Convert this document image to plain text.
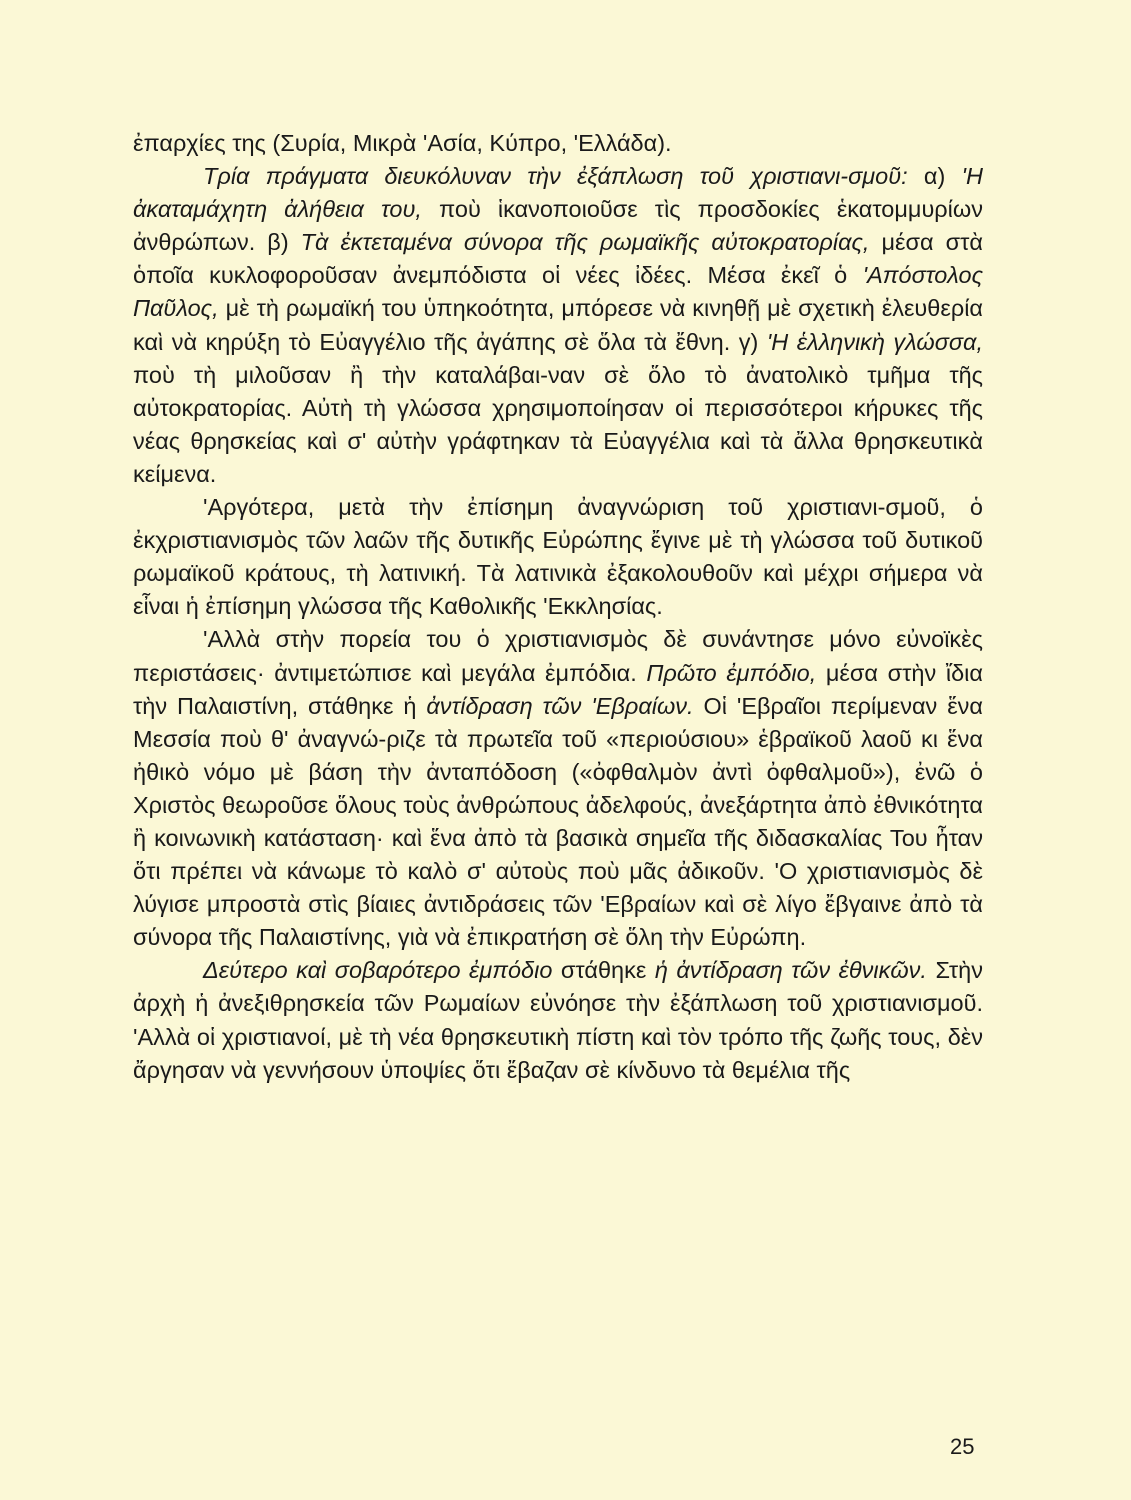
ἐπαρχίες της (Συρία, Μικρὰ 'Ασία, Κύπρο, 'Ελλάδα).

Τρία πράγματα διευκόλυναν τὴν ἐξάπλωση τοῦ χριστιανι-σμοῦ: α) 'Η ἀκαταμάχητη ἀλήθεια του, ποὺ ἱκανοποιοῦσε τὶς προσδοκίες ἑκατομμυρίων ἀνθρώπων. β) Τὰ ἐκτεταμένα σύνορα τῆς ρωμαϊκῆς αὐτοκρατορίας, μέσα στὰ ὁποῖα κυκλοφοροῦσαν ἀνεμπόδιστα οἱ νέες ἰδέες. Μέσα ἐκεῖ ὁ 'Απόστολος Παῦλος, μὲ τὴ ρωμαϊκή του ὑπηκοότητα, μπόρεσε νὰ κινηθῇ μὲ σχετικὴ ἐλευθερία καὶ νὰ κηρύξη τὸ Εὐαγγέλιο τῆς ἀγάπης σὲ ὅλα τὰ ἔθνη. γ) 'Η ἑλληνικὴ γλώσσα, ποὺ τὴ μιλοῦσαν ἢ τὴν καταλάβαι-ναν σὲ ὅλο τὸ ἀνατολικὸ τμῆμα τῆς αὐτοκρατορίας. Αὐτὴ τὴ γλώσσα χρησιμοποίησαν οἱ περισσότεροι κήρυκες τῆς νέας θρησκείας καὶ σ' αὐτὴν γράφτηκαν τὰ Εὐαγγέλια καὶ τὰ ἄλλα θρησκευτικὰ κείμενα.

'Αργότερα, μετὰ τὴν ἐπίσημη ἀναγνώριση τοῦ χριστιανι-σμοῦ, ὁ ἐκχριστιανισμὸς τῶν λαῶν τῆς δυτικῆς Εὐρώπης ἔγινε μὲ τὴ γλώσσα τοῦ δυτικοῦ ρωμαϊκοῦ κράτους, τὴ λατινική. Τὰ λατινικὰ ἐξακολουθοῦν καὶ μέχρι σήμερα νὰ εἶναι ἡ ἐπίσημη γλώσσα τῆς Καθολικῆς 'Εκκλησίας.

'Αλλὰ στὴν πορεία του ὁ χριστιανισμὸς δὲ συνάντησε μόνο εὐνοϊκὲς περιστάσεις· ἀντιμετώπισε καὶ μεγάλα ἐμπόδια. Πρῶτο ἐμπόδιο, μέσα στὴν ἴδια τὴν Παλαιστίνη, στάθηκε ἡ ἀντίδραση τῶν 'Εβραίων. Οἱ 'Εβραῖοι περίμεναν ἕνα Μεσσία ποὺ θ' ἀναγνώ-ριζε τὰ πρωτεῖα τοῦ «περιούσιου» ἑβραϊκοῦ λαοῦ κι ἕνα ἠθικὸ νόμο μὲ βάση τὴν ἀνταπόδοση («ὀφθαλμὸν ἀντὶ ὀφθαλμοῦ»), ἐνῶ ὁ Χριστὸς θεωροῦσε ὅλους τοὺς ἀνθρώπους ἀδελφούς, ἀνεξάρτητα ἀπὸ ἐθνικότητα ἢ κοινωνικὴ κατάσταση· καὶ ἕνα ἀπὸ τὰ βασικὰ σημεῖα τῆς διδασκαλίας Του ἦταν ὅτι πρέπει νὰ κάνωμε τὸ καλὸ σ' αὐτοὺς ποὺ μᾶς ἀδικοῦν. 'Ο χριστιανισμὸς δὲ λύγισε μπροστὰ στὶς βίαιες ἀντιδράσεις τῶν 'Εβραίων καὶ σὲ λίγο ἔβγαινε ἀπὸ τὰ σύνορα τῆς Παλαιστίνης, γιὰ νὰ ἐπικρατήση σὲ ὅλη τὴν Εὐρώπη.

Δεύτερο καὶ σοβαρότερο ἐμπόδιο στάθηκε ἡ ἀντίδραση τῶν ἐθνικῶν. Στὴν ἀρχὴ ἡ ἀνεξιθρησκεία τῶν Ρωμαίων εὐνόησε τὴν ἐξάπλωση τοῦ χριστιανισμοῦ. 'Αλλὰ οἱ χριστιανοί, μὲ τὴ νέα θρησκευτικὴ πίστη καὶ τὸν τρόπο τῆς ζωῆς τους, δὲν ἄργησαν νὰ γεννήσουν ὑποψίες ὅτι ἔβαζαν σὲ κίνδυνο τὰ θεμέλια τῆς

25
